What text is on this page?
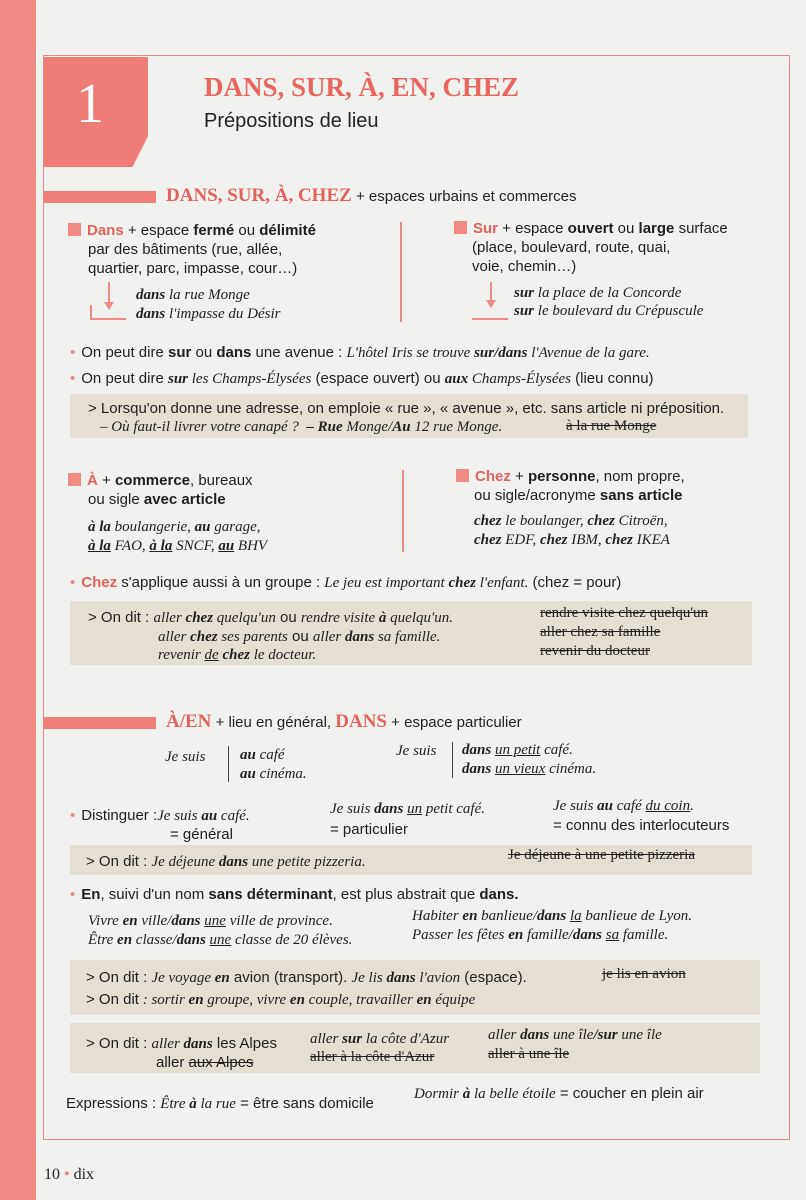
1	DANS, SUR, À, EN, CHEZ
Prépositions de lieu
DANS, SUR, À, CHEZ + espaces urbains et commerces
Dans + espace fermé ou délimité
par des bâtiments (rue, allée,
quartier, parc, impasse, cour…)
dans la rue Monge
dans l'impasse du Désir
Sur + espace ouvert ou large surface
(place, boulevard, route, quai,
voie, chemin…)
sur la place de la Concorde
sur le boulevard du Crépuscule
• On peut dire sur ou dans une avenue : L'hôtel Iris se trouve sur/dans l'Avenue de la gare.
• On peut dire sur les Champs-Élysées (espace ouvert) ou aux Champs-Élysées (lieu connu)
> Lorsqu'on donne une adresse, on emploie « rue », « avenue », etc. sans article ni préposition.
– Où faut-il livrer votre canapé ? – Rue Monge/Au 12 rue Monge.	à la rue Monge
À + commerce, bureaux
ou sigle avec article
à la boulangerie, au garage,
à la FAO, à la SNCF, au BHV
Chez + personne, nom propre,
ou sigle/acronyme sans article
chez le boulanger, chez Citroën,
chez EDF, chez IBM, chez IKEA
• Chez s'applique aussi à un groupe : Le jeu est important chez l'enfant. (chez = pour)
> On dit : aller chez quelqu'un ou rendre visite à quelqu'un.
aller chez ses parents ou aller dans sa famille.
revenir de chez le docteur.
rendre visite chez quelqu'un
aller chez sa famille
revenir du docteur
À/EN + lieu en général, DANS + espace particulier
Je suis au café
au cinéma.
Je suis dans un petit café.
dans un vieux cinéma.
• Distinguer :Je suis au café.
= général
Je suis dans un petit café.
= particulier
Je suis au café du coin.
= connu des interlocuteurs
> On dit : Je déjeune dans une petite pizzeria.	Je déjeune à une petite pizzeria
• En, suivi d'un nom sans déterminant, est plus abstrait que dans.
Vivre en ville/dans une ville de province.
Être en classe/dans une classe de 20 élèves.
Habiter en banlieue/dans la banlieue de Lyon.
Passer les fêtes en famille/dans sa famille.
> On dit : Je voyage en avion (transport). Je lis dans l'avion (espace).	je lis en avion
> On dit : sortir en groupe, vivre en couple, travailler en équipe
> On dit : aller dans les Alpes
aller aux Alpes
aller sur la côte d'Azur
aller à la côte d'Azur
aller dans une île/sur une île
aller à une île
Expressions : Être à la rue = être sans domicile
Dormir à la belle étoile = coucher en plein air
10 • dix
